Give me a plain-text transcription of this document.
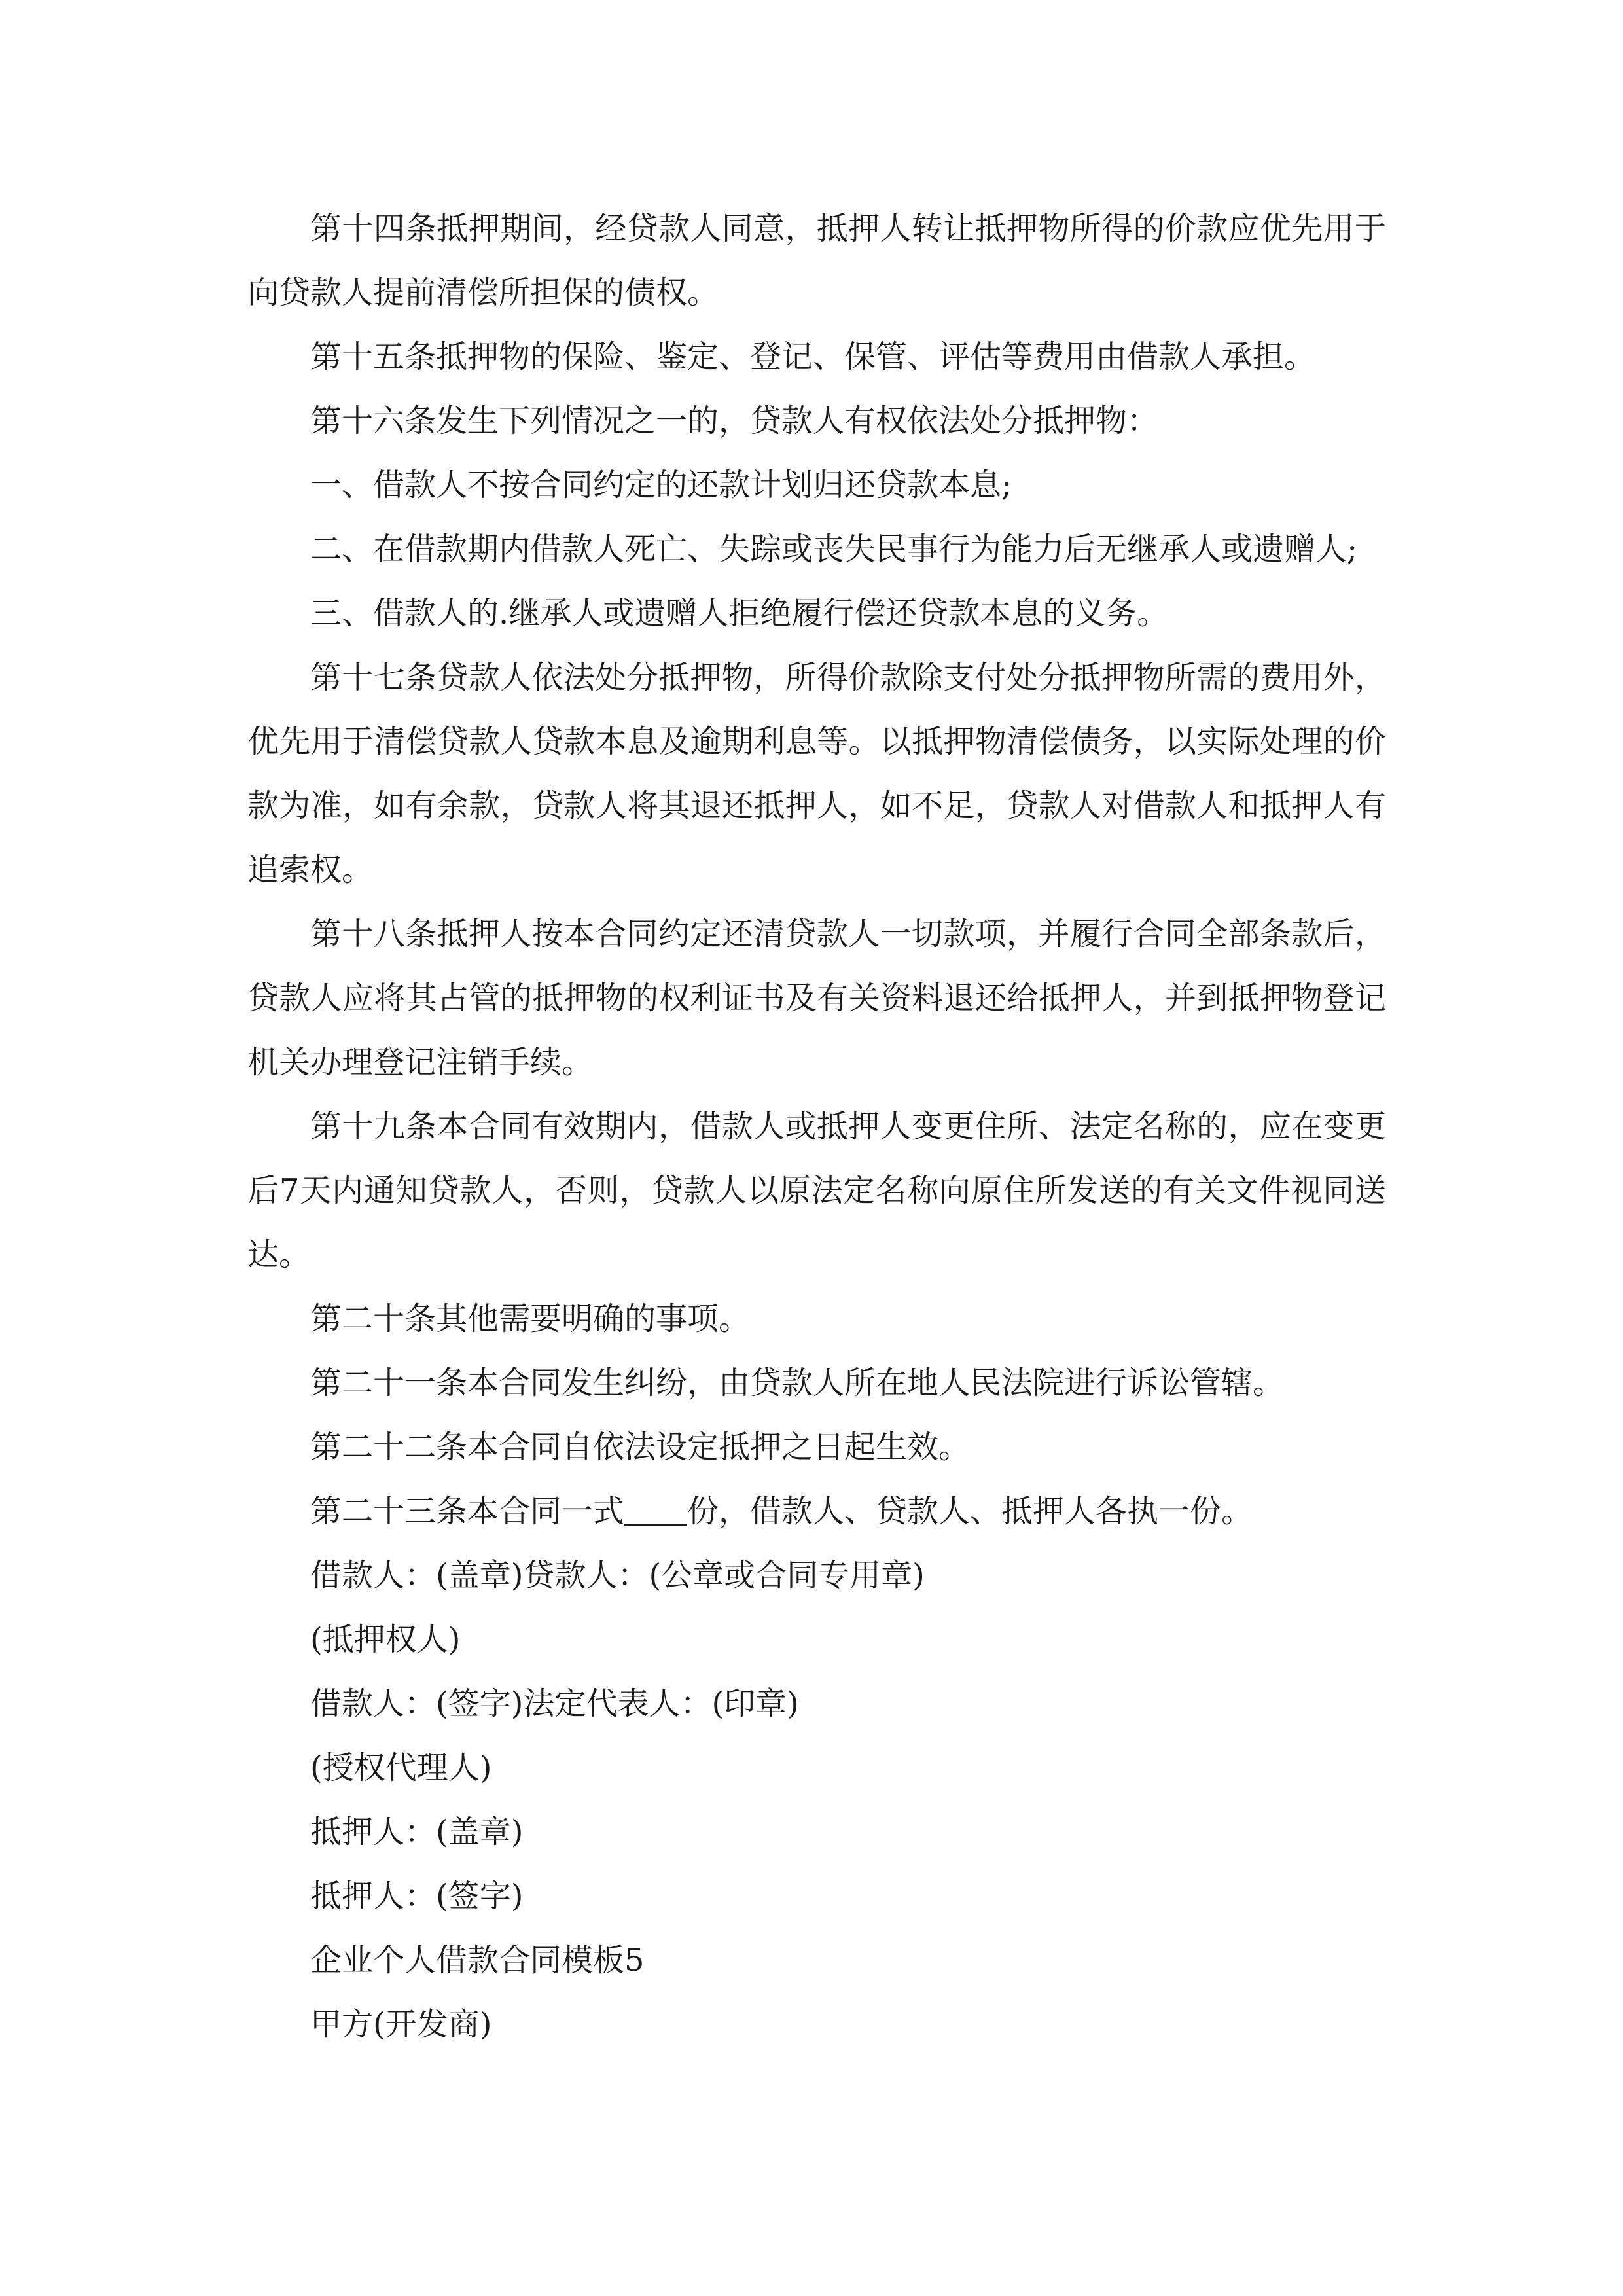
第十四条抵押期间，经贷款人同意，抵押人转让抵押物所得的价款应优先用于向贷款人提前清偿所担保的债权。

第十五条抵押物的保险、鉴定、登记、保管、评估等费用由借款人承担。

第十六条发生下列情况之一的，贷款人有权依法处分抵押物：

一、借款人不按合同约定的还款计划归还贷款本息;

二、在借款期内借款人死亡、失踪或丧失民事行为能力后无继承人或遗赠人;

三、借款人的.继承人或遗赠人拒绝履行偿还贷款本息的义务。

第十七条贷款人依法处分抵押物，所得价款除支付处分抵押物所需的费用外，优先用于清偿贷款人贷款本息及逾期利息等。以抵押物清偿债务，以实际处理的价款为准，如有余款，贷款人将其退还抵押人，如不足，贷款人对借款人和抵押人有追索权。

第十八条抵押人按本合同约定还清贷款人一切款项，并履行合同全部条款后，贷款人应将其占管的抵押物的权利证书及有关资料退还给抵押人，并到抵押物登记机关办理登记注销手续。

第十九条本合同有效期内，借款人或抵押人变更住所、法定名称的，应在变更后7天内通知贷款人，否则，贷款人以原法定名称向原住所发送的有关文件视同送达。

第二十条其他需要明确的事项。

第二十一条本合同发生纠纷，由贷款人所在地人民法院进行诉讼管辖。

第二十二条本合同自依法设定抵押之日起生效。

第二十三条本合同一式 份，借款人、贷款人、抵押人各执一份。

借款人：(盖章)贷款人：(公章或合同专用章)

(抵押权人)

借款人：(签字)法定代表人：(印章)

(授权代理人)

抵押人：(盖章)

抵押人：(签字)

企业个人借款合同模板5

甲方(开发商)
